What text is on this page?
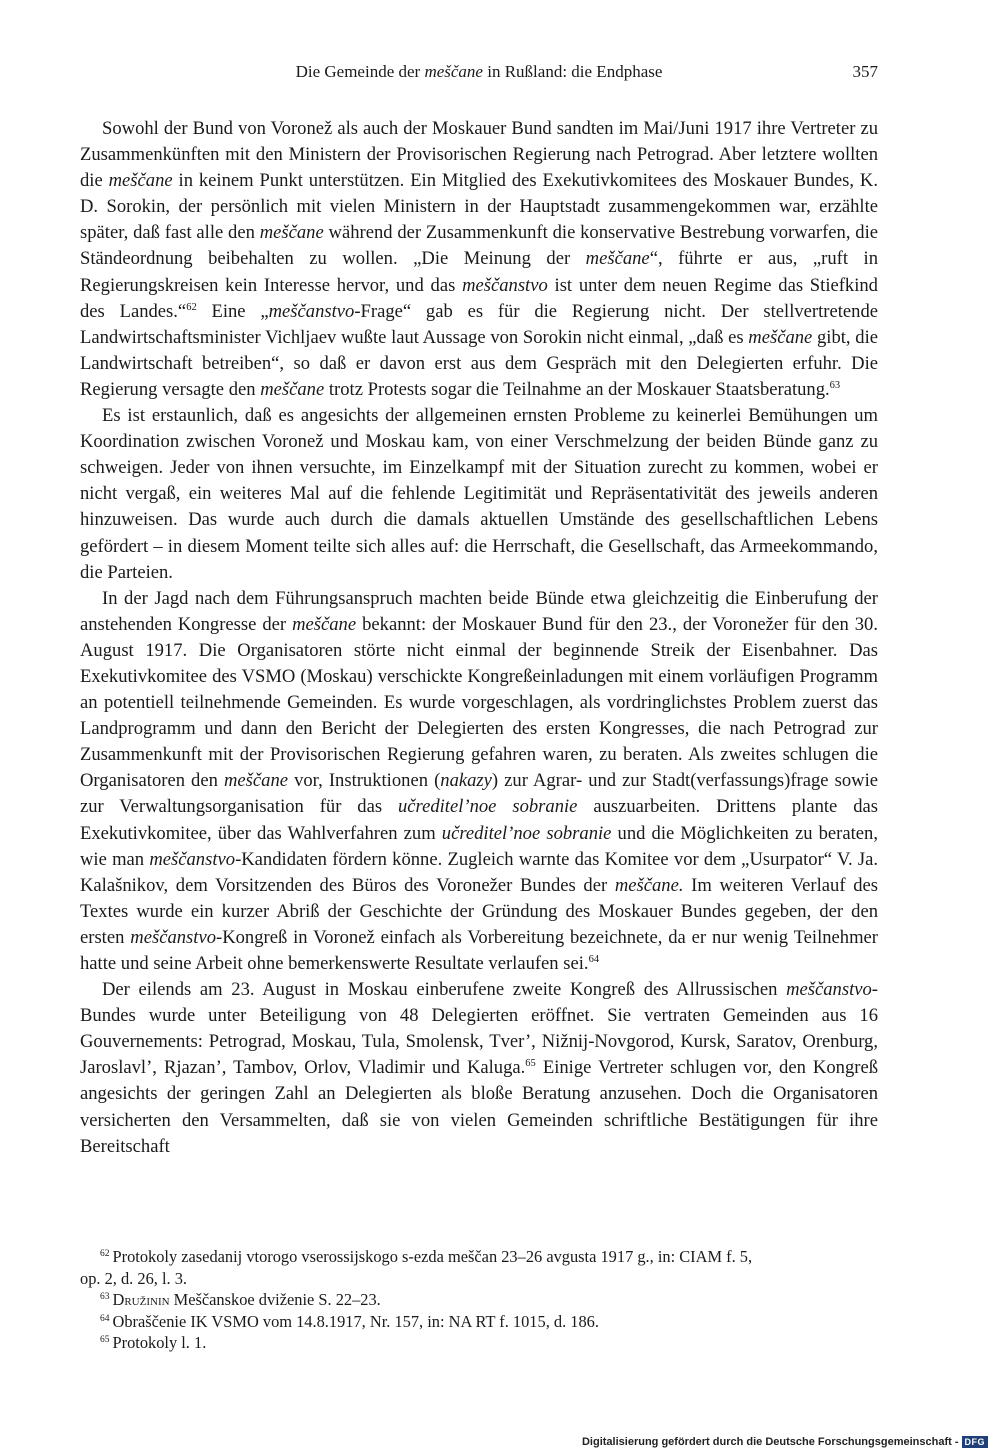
Die Gemeinde der meščane in Rußland: die Endphase	357

Sowohl der Bund von Voronež als auch der Moskauer Bund sandten im Mai/Juni 1917 ihre Vertreter zu Zusammenkünften mit den Ministern der Provisorischen Regierung nach Petrograd. Aber letztere wollten die meščane in keinem Punkt unterstützen. Ein Mitglied des Exekutivkomitees des Moskauer Bundes, K. D. Sorokin, der persönlich mit vielen Ministern in der Hauptstadt zusammengekommen war, erzählte später, daß fast alle den meščane während der Zusammenkunft die konservative Bestrebung vorwarfen, die Ständeordnung beibehalten zu wollen. „Die Meinung der meščane“, führte er aus, „ruft in Regierungskreisen kein Interesse hervor, und das meščanstvo ist unter dem neuen Regime das Stiefkind des Landes.“$^{62}$ Eine „meščanstvo-Frage“ gab es für die Regierung nicht. Der stellvertretende Landwirtschaftsminister Vichljaev wußte laut Aussage von Sorokin nicht einmal, „daß es meščane gibt, die Landwirtschaft betreiben“, so daß er davon erst aus dem Gespräch mit den Delegierten erfuhr. Die Regierung versagte den meščane trotz Protests sogar die Teilnahme an der Moskauer Staatsberatung.$^{63}$

Es ist erstaunlich, daß es angesichts der allgemeinen ernsten Probleme zu keinerlei Bemühungen um Koordination zwischen Voronež und Moskau kam, von einer Verschmelzung der beiden Bünde ganz zu schweigen. Jeder von ihnen versuchte, im Einzelkampf mit der Situation zurecht zu kommen, wobei er nicht vergaß, ein weiteres Mal auf die fehlende Legitimität und Repräsentativität des jeweils anderen hinzuweisen. Das wurde auch durch die damals aktuellen Umstände des gesellschaftlichen Lebens gefördert – in diesem Moment teilte sich alles auf: die Herrschaft, die Gesellschaft, das Armeekommando, die Parteien.

In der Jagd nach dem Führungsanspruch machten beide Bünde etwa gleichzeitig die Einberufung der anstehenden Kongresse der meščane bekannt: der Moskauer Bund für den 23., der Voronežer für den 30. August 1917. Die Organisatoren störte nicht einmal der beginnende Streik der Eisenbahner. Das Exekutivkomitee des VSMO (Moskau) verschickte Kongreßeinladungen mit einem vorläufigen Programm an potentiell teilnehmende Gemeinden. Es wurde vorgeschlagen, als vordringlichstes Problem zuerst das Landprogramm und dann den Bericht der Delegierten des ersten Kongresses, die nach Petrograd zur Zusammenkunft mit der Provisorischen Regierung gefahren waren, zu beraten. Als zweites schlugen die Organisatoren den meščane vor, Instruktionen (nakazy) zur Agrar- und zur Stadt(verfassungs)frage sowie zur Verwaltungsorganisation für das učreditel’noe sobranie auszuarbeiten. Drittens plante das Exekutivkomitee, über das Wahlverfahren zum učreditel’noe sobranie und die Möglichkeiten zu beraten, wie man meščanstvo-Kandidaten fördern könne. Zugleich warnte das Komitee vor dem „Usurpator“ V. Ja. Kalašnikov, dem Vorsitzenden des Büros des Voronežer Bundes der meščane. Im weiteren Verlauf des Textes wurde ein kurzer Abriß der Geschichte der Gründung des Moskauer Bundes gegeben, der den ersten meščanstvo-Kongreß in Voronež einfach als Vorbereitung bezeichnete, da er nur wenig Teilnehmer hatte und seine Arbeit ohne bemerkenswerte Resultate verlaufen sei.$^{64}$

Der eilends am 23. August in Moskau einberufene zweite Kongreß des Allrussischen meščanstvo-Bundes wurde unter Beteiligung von 48 Delegierten eröffnet. Sie vertraten Gemeinden aus 16 Gouvernements: Petrograd, Moskau, Tula, Smolensk, Tver’, Nižnij-Novgorod, Kursk, Saratov, Orenburg, Jaroslavl’, Rjazan’, Tambov, Orlov, Vladimir und Kaluga.$^{65}$ Einige Vertreter schlugen vor, den Kongreß angesichts der geringen Zahl an Delegierten als bloße Beratung anzusehen. Doch die Organisatoren versicherten den Versammelten, daß sie von vielen Gemeinden schriftliche Bestätigungen für ihre Bereitschaft

$^{62}$ Protokoly zasedanij vtorogo vserossijskogo s-ezda meščan 23–26 avgusta 1917 g., in: CIAM f. 5,
op. 2, d. 26, l. 3.

$^{63}$ Družinin Meščanskoe dviženie S. 22–23.

$^{64}$ Obraščenie IK VSMO vom 14.8.1917, Nr. 157, in: NA RT f. 1015, d. 186.

$^{65}$ Protokoly l. 1.

Digitalisierung gefördert durch die Deutsche Forschungsgemeinschaft - DFG
